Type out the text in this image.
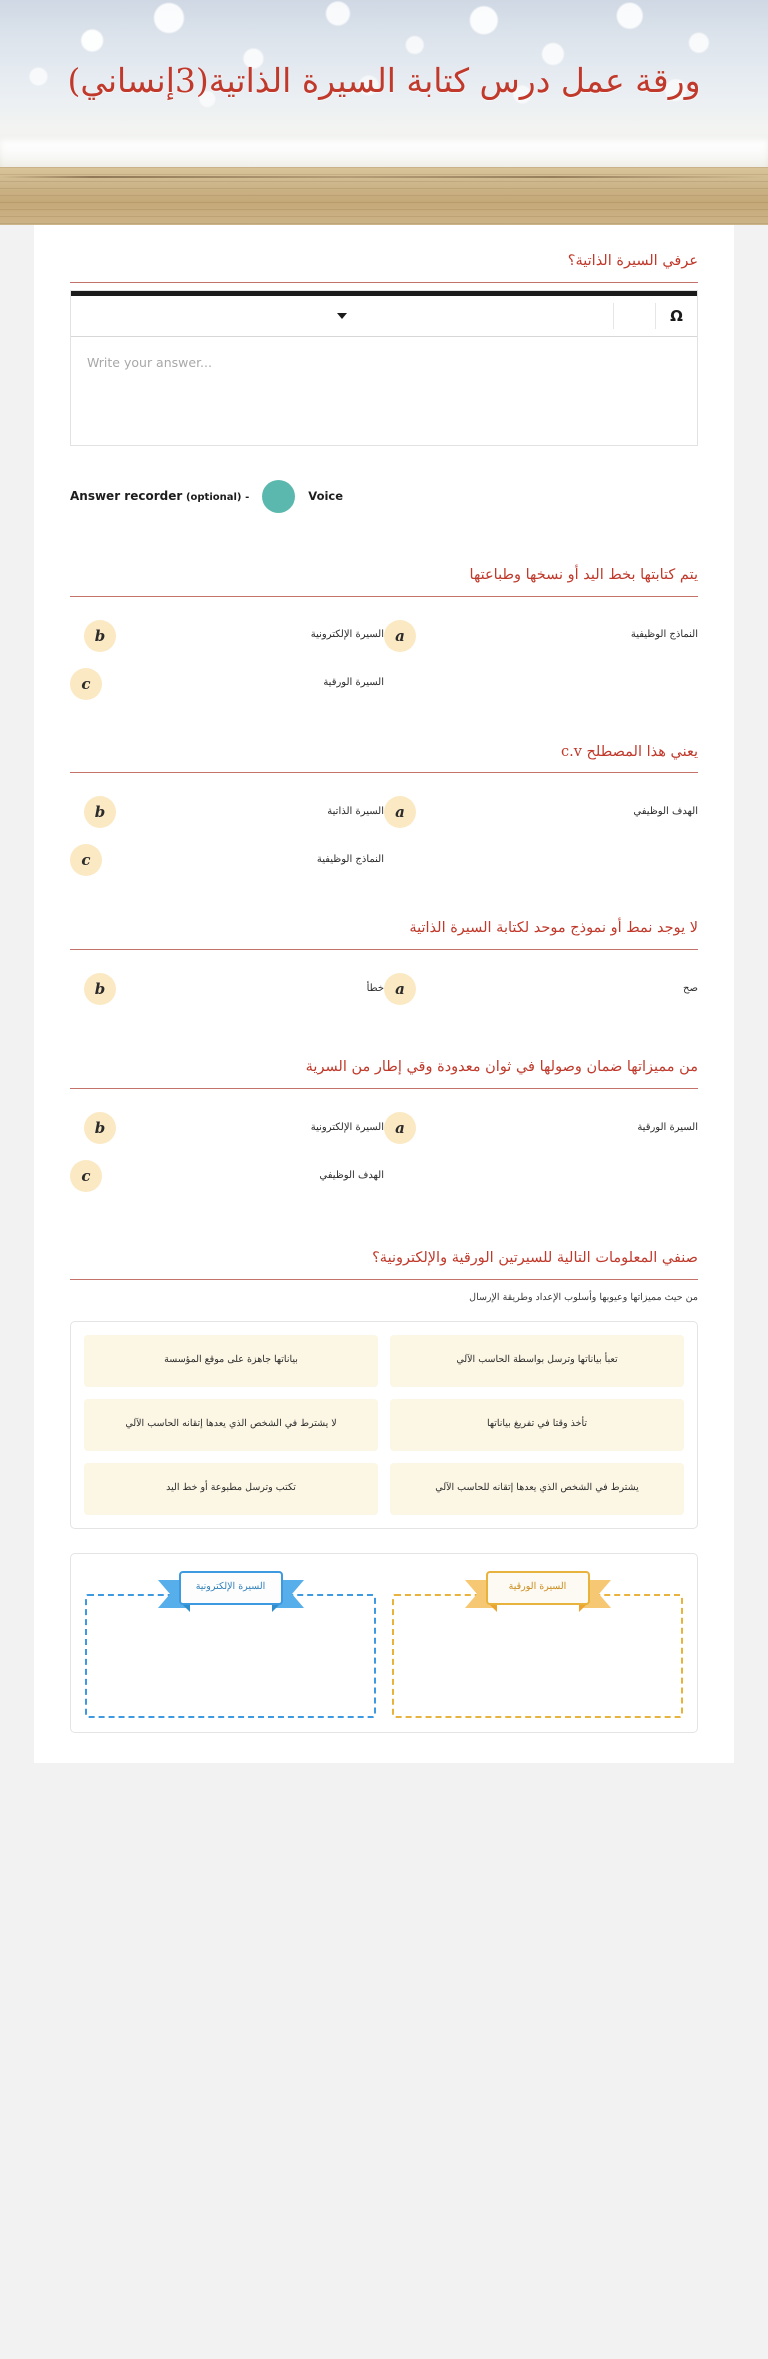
ورقة عمل درس كتابة السيرة الذاتية(3إنساني)
عرفي السيرة الذاتية؟
Ω
Write your answer...
Answer recorder (optional) -	Voice
يتم كتابتها بخط اليد أو نسخها وطباعتها
b	السيرة الإلكترونية a	النماذج الوظيفية
c	السيرة الورقية
يعني هذا المصطلح c.v
b	السيرة الذاتية a	الهدف الوظيفي
c	النماذج الوظيفية
لا يوجد نمط أو نموذج موحد لكتابة السيرة الذاتية
b	خطأ a	صح
من مميزاتها ضمان وصولها في ثوان معدودة وقي إطار من السرية
b	السيرة الإلكترونية a	السيرة الورقية
c	الهدف الوظيفي
صنفي المعلومات التالية للسيرتين الورقية والإلكترونية؟
من حيث مميزاتها وعيوبها وأسلوب الإعداد وطريقة الإرسال
بياناتها جاهزة على موقع المؤسسة	تعبأ بياناتها وترسل بواسطة الحاسب الآلي
لا يشترط في الشخص الذي يعدها إتقانه الحاسب الآلي	تأخذ وقتا في تفريغ بياناتها
تكتب وترسل مطبوعة أو خط اليد	يشترط في الشخص الذي يعدها إتقانه للحاسب الآلي
السيرة الإلكترونية	السيرة الورقية
